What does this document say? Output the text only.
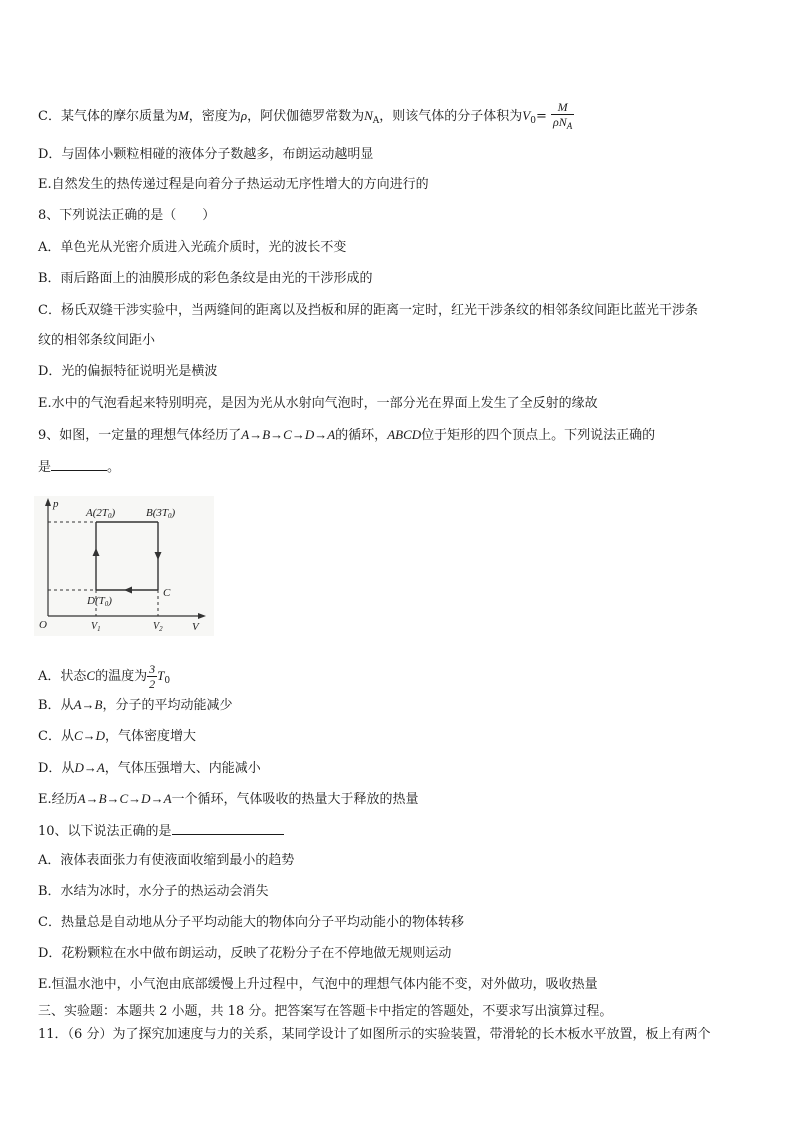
C．某气体的摩尔质量为M，密度为ρ，阿伏伽德罗常数为$N_A$，则该气体的分子体积为$V_0= \frac{M}{\rho N_A}$
D．与固体小颗粒相碰的液体分子数越多，布朗运动越明显
E.自然发生的热传递过程是向着分子热运动无序性增大的方向进行的
8、下列说法正确的是（　　）
A．单色光从光密介质进入光疏介质时，光的波长不变
B．雨后路面上的油膜形成的彩色条纹是由光的干涉形成的
C．杨氏双缝干涉实验中，当两缝间的距离以及挡板和屏的距离一定时，红光干涉条纹的相邻条纹间距比蓝光干涉条
纹的相邻条纹间距小
D．光的偏振特征说明光是横波
E.水中的气泡看起来特别明亮，是因为光从水射向气泡时，一部分光在界面上发生了全反射的缘故
9、如图，一定量的理想气体经历了A→B→C→D→A的循环，ABCD位于矩形的四个顶点上。下列说法正确的
是	。
p
V
O
A(2T0)	B(3T0)
C
D(T0)
$V_1$	$V_2$
A．状态C的温度为 $\frac{3}{2} T_0$
B．从A→B，分子的平均动能减少
C．从C→D，气体密度增大
D．从D→A，气体压强增大、内能减小
E.经历A→B→C→D→A一个循环，气体吸收的热量大于释放的热量
10、以下说法正确的是
A．液体表面张力有使液面收缩到最小的趋势
B．水结为冰时，水分子的热运动会消失
C．热量总是自动地从分子平均动能大的物体向分子平均动能小的物体转移
D．花粉颗粒在水中做布朗运动，反映了花粉分子在不停地做无规则运动
E.恒温水池中，小气泡由底部缓慢上升过程中，气泡中的理想气体内能不变，对外做功，吸收热量
三、实验题：本题共 2 小题，共 18 分。把答案写在答题卡中指定的答题处，不要求写出演算过程。
11．（6 分）为了探究加速度与力的关系，某同学设计了如图所示的实验装置，带滑轮的长木板水平放置，板上有两个
